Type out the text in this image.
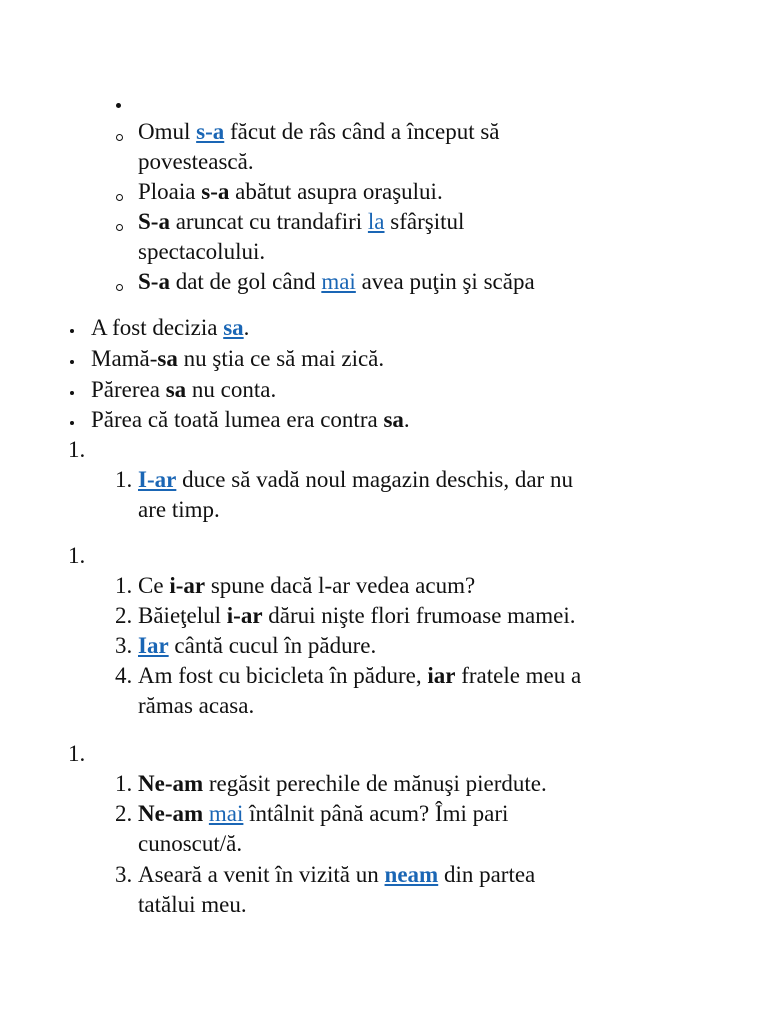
Omul s-a făcut de râs când a început să
povestească.
Ploaia s-a abătut asupra oraşului.
S-a aruncat cu trandafiri la sfârşitul
spectacolului.
S-a dat de gol când mai avea puţin şi scăpa
A fost decizia sa.
Mamă-sa nu ştia ce să mai zică.
Părerea sa nu conta.
Părea că toată lumea era contra sa.
1.
1. I-ar duce să vadă noul magazin deschis, dar nu
are timp.
1.
1. Ce i-ar spune dacă l-ar vedea acum?
2. Băieţelul i-ar dărui nişte flori frumoase mamei.
3. Iar cântă cucul în pădure.
4. Am fost cu bicicleta în pădure, iar fratele meu a
rămas acasa.
1.
1. Ne-am regăsit perechile de mănuşi pierdute.
2. Ne-am mai întâlnit până acum? Îmi pari
cunoscut/ă.
3. Aseară a venit în vizită un neam din partea
tatălui meu.
